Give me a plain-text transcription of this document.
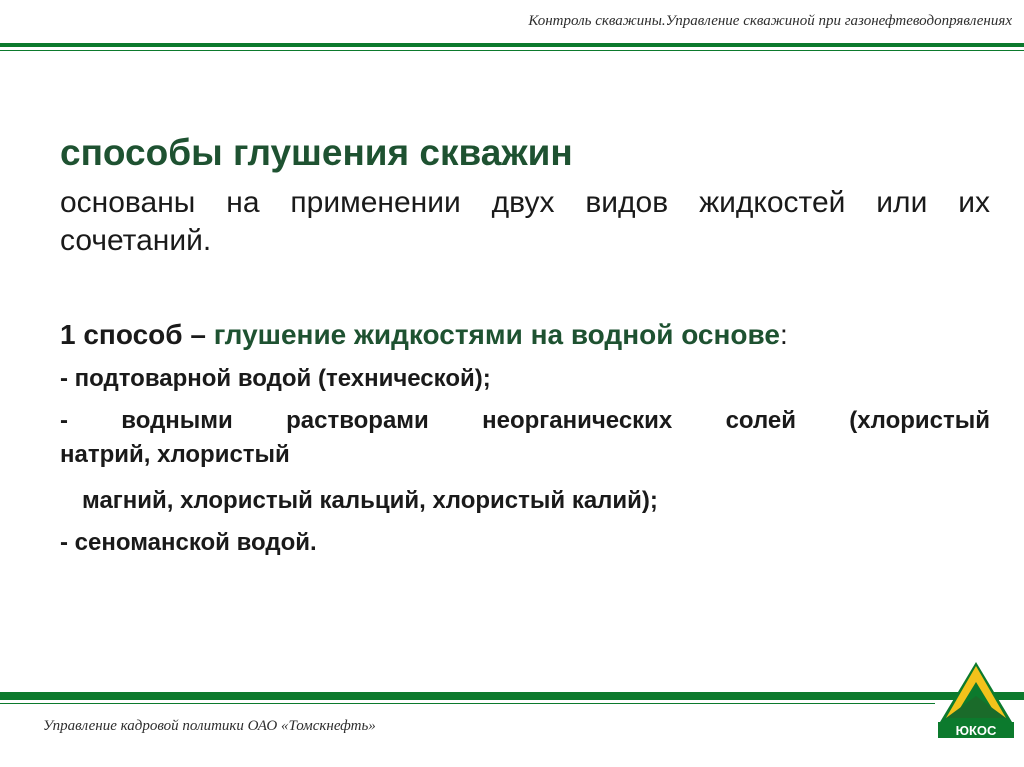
Контроль скважины.Управление скважиной при газонефтеводопрявлениях
способы глушения скважин
основаны на применении двух видов жидкостей или их сочетаний.
1 способ – глушение жидкостями на водной основе:
- подтоварной водой (технической);
- водными растворами неорганических солей (хлористый
натрий, хлористый
магний, хлористый кальций, хлористый калий);
- сеноманской водой.
Управление кадровой политики ОАО «Томскнефть»	ЮКОС
